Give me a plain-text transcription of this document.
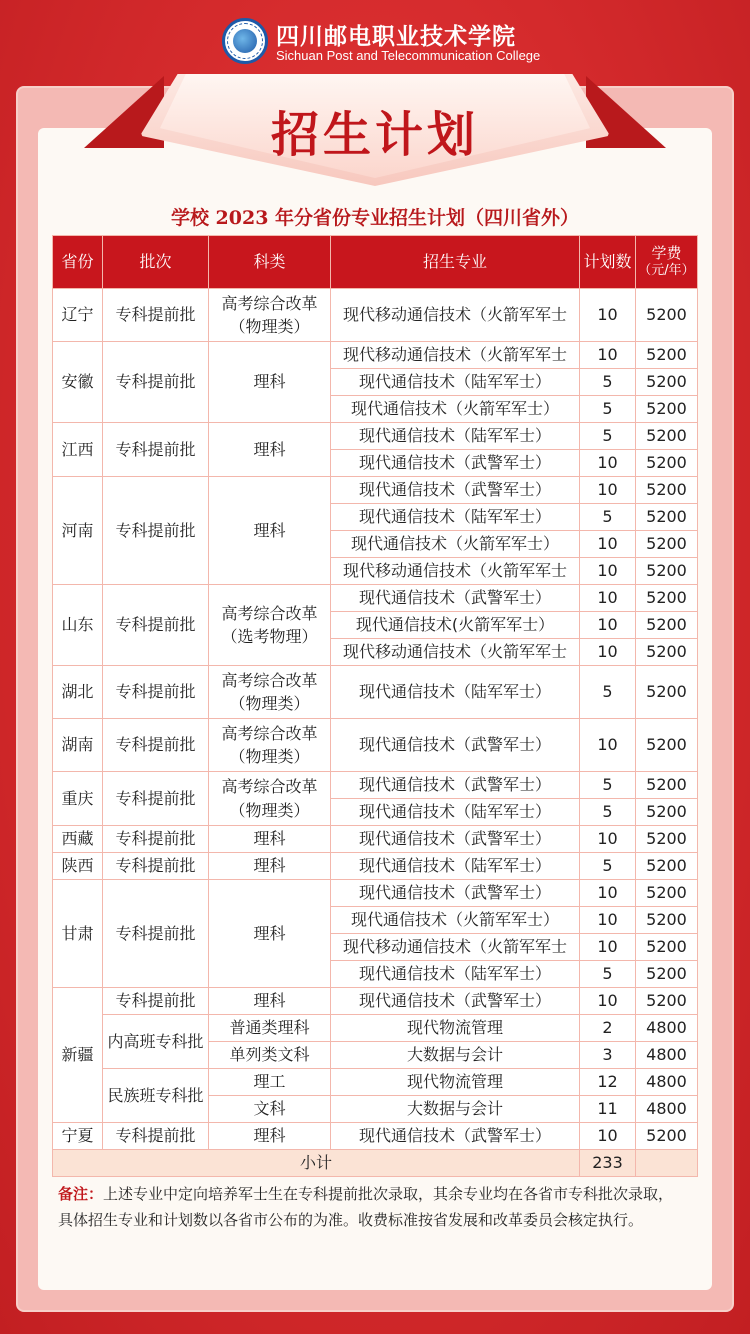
四川邮电职业技术学院
Sichuan Post and Telecommunication College
招生计划
学校 2023 年分省份专业招生计划（四川省外）
省份	批次	科类	招生专业	计划数	学费
（元/年）

辽宁	专科提前批	高考综合改革（物理类）	现代移动通信技术（火箭军军士	10	5200
安徽	专科提前批	理科	现代移动通信技术（火箭军军士	10	5200
			现代通信技术（陆军军士）	5	5200
			现代通信技术（火箭军军士）	5	5200
江西	专科提前批	理科	现代通信技术（陆军军士）	5	5200
			现代通信技术（武警军士）	10	5200
河南	专科提前批	理科	现代通信技术（武警军士）	10	5200
			现代通信技术（陆军军士）	5	5200
			现代通信技术（火箭军军士）	10	5200
			现代移动通信技术（火箭军军士	10	5200
山东	专科提前批	高考综合改革（选考物理）	现代通信技术（武警军士）	10	5200
			现代通信技术(火箭军军士）	10	5200
			现代移动通信技术（火箭军军士	10	5200
湖北	专科提前批	高考综合改革（物理类）	现代通信技术（陆军军士）	5	5200
湖南	专科提前批	高考综合改革（物理类）	现代通信技术（武警军士）	10	5200
重庆	专科提前批	高考综合改革（物理类）	现代通信技术（武警军士）	5	5200
			现代通信技术（陆军军士）	5	5200
西藏	专科提前批	理科	现代通信技术（武警军士）	10	5200
陕西	专科提前批	理科	现代通信技术（陆军军士）	5	5200
甘肃	专科提前批	理科	现代通信技术（武警军士）	10	5200
			现代通信技术（火箭军军士）	10	5200
			现代移动通信技术（火箭军军士	10	5200
			现代通信技术（陆军军士）	5	5200
新疆	专科提前批	理科	现代通信技术（武警军士）	10	5200
	内高班专科批	普通类理科	现代物流管理	2	4800
		单列类文科	大数据与会计	3	4800
	民族班专科批	理工	现代物流管理	12	4800
		文科	大数据与会计	11	4800
宁夏	专科提前批	理科	现代通信技术（武警军士）	10	5200
小计				233	
备注：上述专业中定向培养军士生在专科提前批次录取，其余专业均在各省市专科批次录取，具体招生专业和计划数以各省市公布的为准。收费标准按省发展和改革委员会核定执行。
